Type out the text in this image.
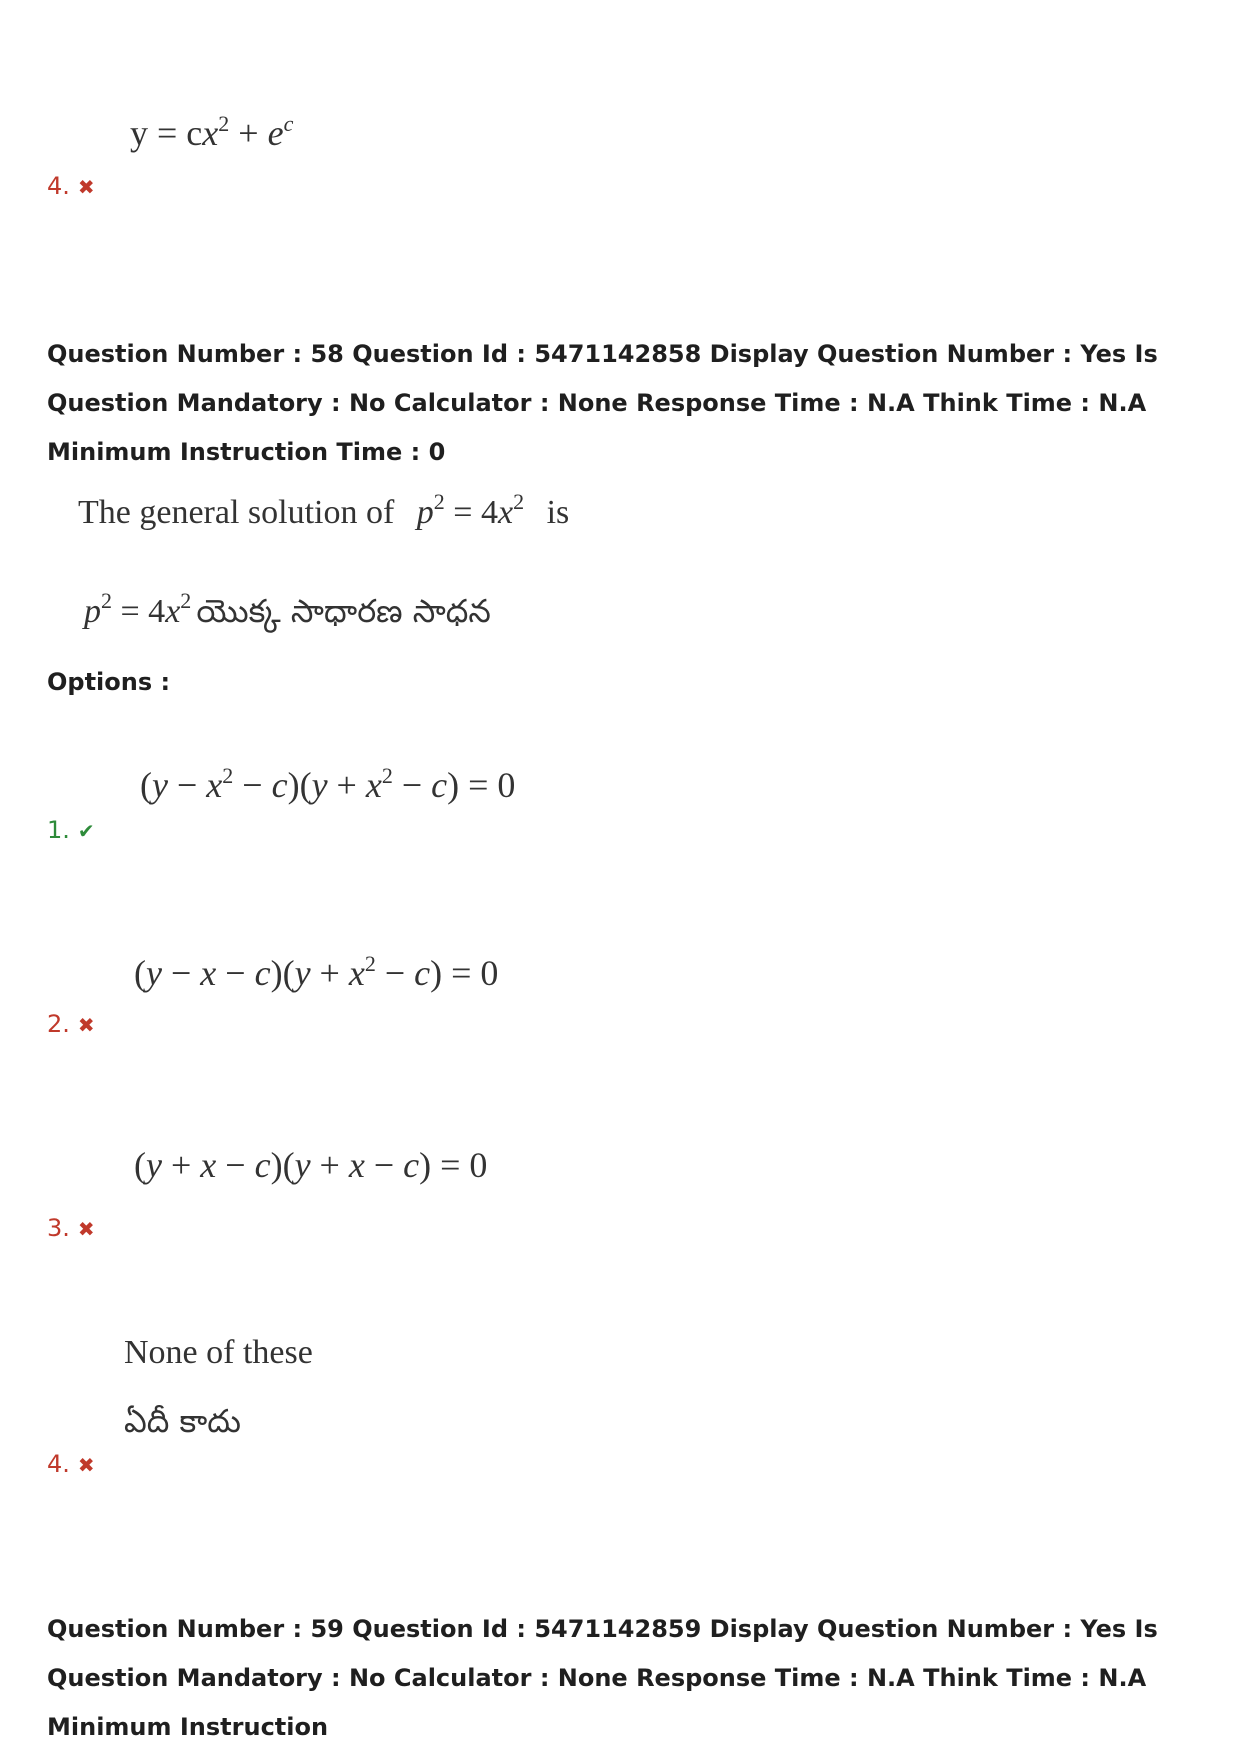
$y = cx^2 + e^c$
4. ✖
Question Number : 58 Question Id : 5471142858 Display Question Number : Yes Is Question Mandatory : No Calculator : None Response Time : N.A Think Time : N.A Minimum Instruction Time : 0
The general solution of $p^2 = 4x^2$ is
$p^2 = 4x^2$ యొక్క సాధారణ సాధన
Options :
$(y - x^2 - c)(y + x^2 - c) = 0$
1. ✔
$(y - x - c)(y + x^2 - c) = 0$
2. ✖
(y + x − c)(y + x − c) = 0
3. ✖
None of these
ఏదీ కాదు
4. ✖
Question Number : 59 Question Id : 5471142859 Display Question Number : Yes Is Question Mandatory : No Calculator : None Response Time : N.A Think Time : N.A Minimum Instruction
